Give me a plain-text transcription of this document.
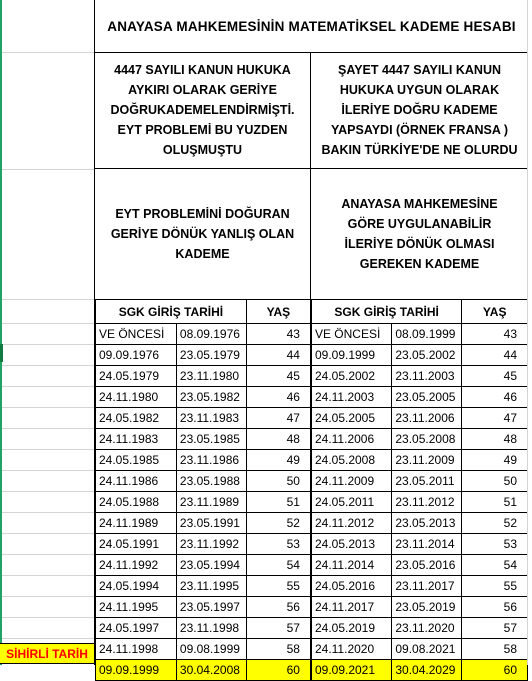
ANAYASA MAHKEMESİNİN MATEMATİKSEL KADEME HESABI
4447 SAYILI KANUN HUKUKA AYKIRI OLARAK GERİYE DOĞRUKADEMELENDİRMİŞTİ. EYT PROBLEMİ BU YUZDEN OLUŞMUŞTU
ŞAYET 4447 SAYILI KANUN HUKUKA UYGUN OLARAK İLERİYE DOĞRU KADEME YAPSAYDI (ÖRNEK FRANSA ) BAKIN TÜRKİYE'DE NE OLURDU
EYT PROBLEMİNİ DOĞURAN GERİYE DÖNÜK YANLIŞ OLAN KADEME
ANAYASA MAHKEMESİNE GÖRE UYGULANABİLİR İLERİYE DÖNÜK OLMASI GEREKEN KADEME
SGK GİRİŞ TARİHİ		YAŞ	SGK GİRİŞ TARİHİ		YAŞ
VE ÖNCESİ	08.09.1976	43	VE ÖNCESİ	08.09.1999	43
09.09.1976	23.05.1979	44	09.09.1999	23.05.2002	44
24.05.1979	23.11.1980	45	24.05.2002	23.11.2003	45
24.11.1980	23.05.1982	46	24.11.2003	23.05.2005	46
24.05.1982	23.11.1983	47	24.05.2005	23.11.2006	47
24.11.1983	23.05.1985	48	24.11.2006	23.05.2008	48
24.05.1985	23.11.1986	49	24.05.2008	23.11.2009	49
24.11.1986	23.05.1988	50	24.11.2009	23.05.2011	50
24.05.1988	23.11.1989	51	24.05.2011	23.11.2012	51
24.11.1989	23.05.1991	52	24.11.2012	23.05.2013	52
24.05.1991	23.11.1992	53	24.05.2013	23.11.2014	53
24.11.1992	23.05.1994	54	24.11.2014	23.05.2016	54
24.05.1994	23.11.1995	55	24.05.2016	23.11.2017	55
24.11.1995	23.05.1997	56	24.11.2017	23.05.2019	56
24.05.1997	23.11.1998	57	24.05.2019	23.11.2020	57
24.11.1998	09.08.1999	58	24.11.2020	09.08.2021	58
09.09.1999	30.04.2008	60	09.09.2021	30.04.2029	60
SİHİRLİ TARİH
